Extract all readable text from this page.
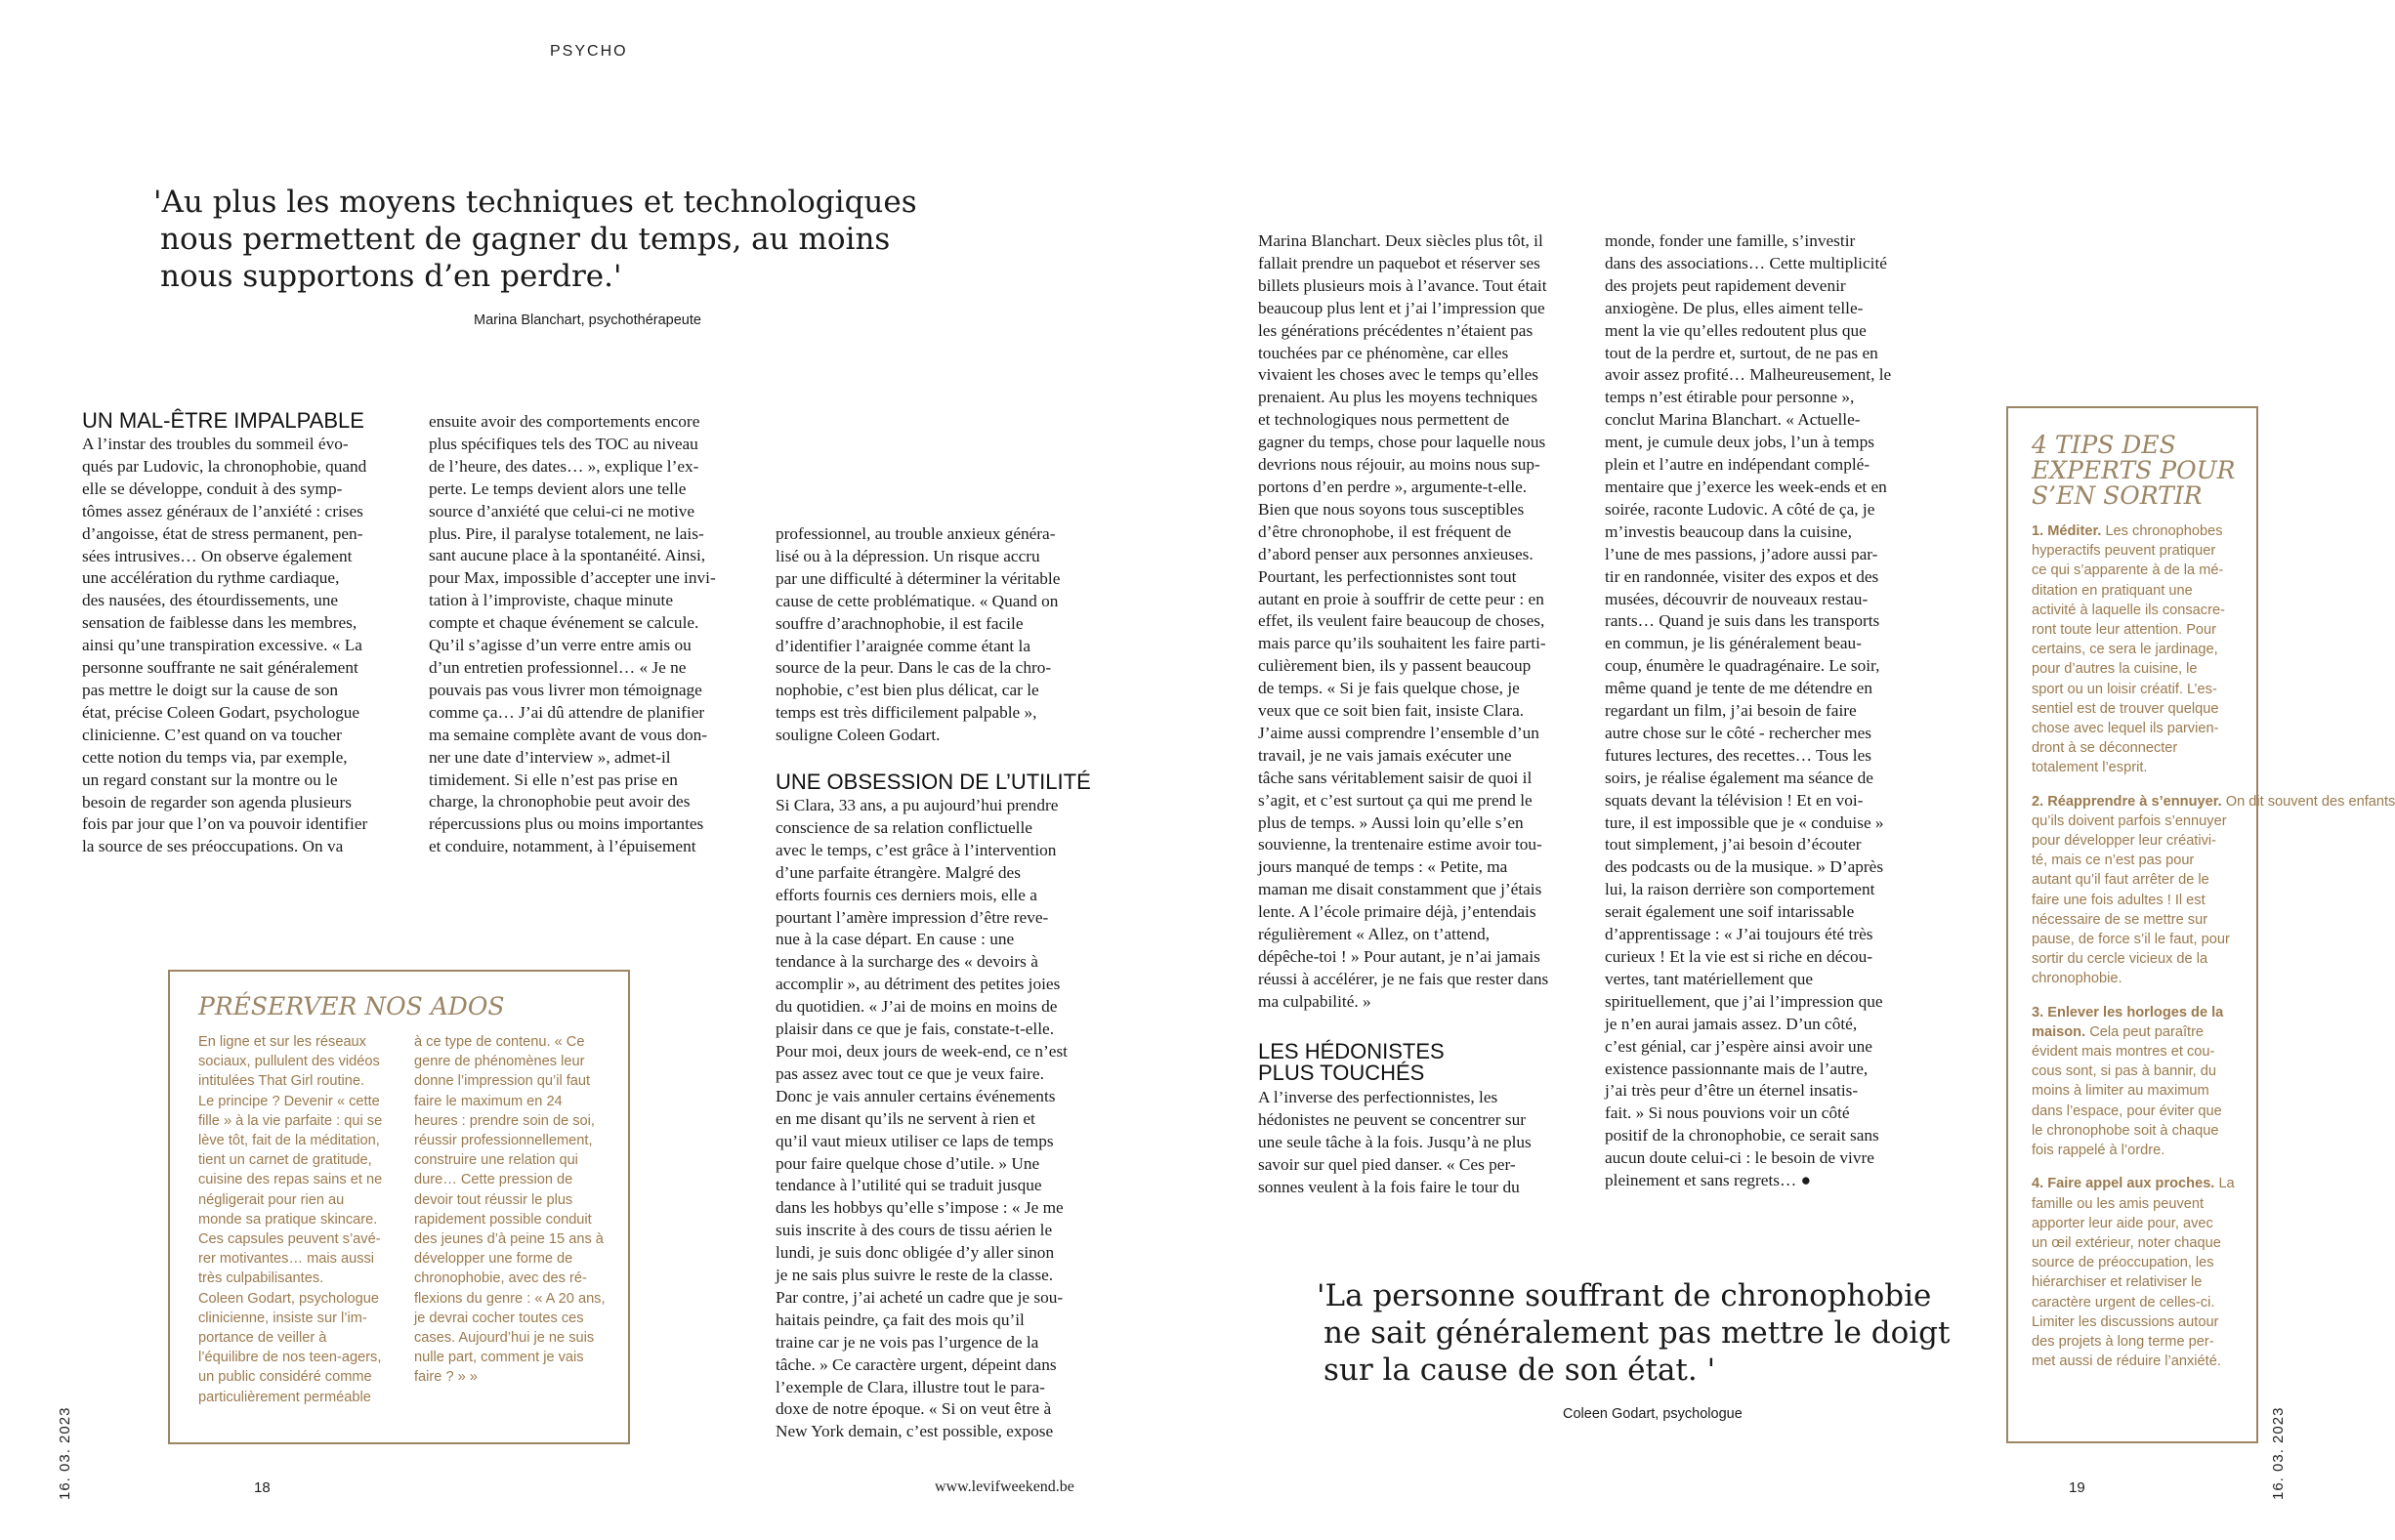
PSYCHO
'Au plus les moyens techniques et technologiques
nous permettent de gagner du temps, au moins
nous supportons d’en perdre.'
Marina Blanchart, psychothérapeute
UN MAL-ÊTRE IMPALPABLE
A l’instar des troubles du sommeil évo-
qués par Ludovic, la chronophobie, quand
elle se développe, conduit à des symp-
tômes assez généraux de l’anxiété : crises
d’angoisse, état de stress permanent, pen-
sées intrusives… On observe également
une accélération du rythme cardiaque,
des nausées, des étourdissements, une
sensation de faiblesse dans les membres,
ainsi qu’une transpiration excessive. « La
personne souffrante ne sait généralement
pas mettre le doigt sur la cause de son
état, précise Coleen Godart, psychologue
clinicienne. C’est quand on va toucher
cette notion du temps via, par exemple,
un regard constant sur la montre ou le
besoin de regarder son agenda plusieurs
fois par jour que l’on va pouvoir identifier
la source de ses préoccupations. On va
ensuite avoir des comportements encore
plus spécifiques tels des TOC au niveau
de l’heure, des dates… », explique l’ex-
perte. Le temps devient alors une telle
source d’anxiété que celui-ci ne motive
plus. Pire, il paralyse totalement, ne lais-
sant aucune place à la spontanéité. Ainsi,
pour Max, impossible d’accepter une invi-
tation à l’improviste, chaque minute
compte et chaque événement se calcule.
Qu’il s’agisse d’un verre entre amis ou
d’un entretien professionnel… « Je ne
pouvais pas vous livrer mon témoignage
comme ça… J’ai dû attendre de planifier
ma semaine complète avant de vous don-
ner une date d’interview », admet-il
timidement. Si elle n’est pas prise en
charge, la chronophobie peut avoir des
répercussions plus ou moins importantes
et conduire, notamment, à l’épuisement
professionnel, au trouble anxieux généra-
lisé ou à la dépression. Un risque accru
par une difficulté à déterminer la véritable
cause de cette problématique. « Quand on
souffre d’arachnophobie, il est facile
d’identifier l’araignée comme étant la
source de la peur. Dans le cas de la chro-
nophobie, c’est bien plus délicat, car le
temps est très difficilement palpable »,
souligne Coleen Godart.
UNE OBSESSION DE L’UTILITÉ
Si Clara, 33 ans, a pu aujourd’hui prendre
conscience de sa relation conflictuelle
avec le temps, c’est grâce à l’intervention
d’une parfaite étrangère. Malgré des
efforts fournis ces derniers mois, elle a
pourtant l’amère impression d’être reve-
nue à la case départ. En cause : une
tendance à la surcharge des « devoirs à
accomplir », au détriment des petites joies
du quotidien. « J’ai de moins en moins de
plaisir dans ce que je fais, constate-t-elle.
Pour moi, deux jours de week-end, ce n’est
pas assez avec tout ce que je veux faire.
Donc je vais annuler certains événements
en me disant qu’ils ne servent à rien et
qu’il vaut mieux utiliser ce laps de temps
pour faire quelque chose d’utile. » Une
tendance à l’utilité qui se traduit jusque
dans les hobbys qu’elle s’impose : « Je me
suis inscrite à des cours de tissu aérien le
lundi, je suis donc obligée d’y aller sinon
je ne sais plus suivre le reste de la classe.
Par contre, j’ai acheté un cadre que je sou-
haitais peindre, ça fait des mois qu’il
traine car je ne vois pas l’urgence de la
tâche. » Ce caractère urgent, dépeint dans
l’exemple de Clara, illustre tout le para-
doxe de notre époque. « Si on veut être à
New York demain, c’est possible, expose
Marina Blanchart. Deux siècles plus tôt, il
fallait prendre un paquebot et réserver ses
billets plusieurs mois à l’avance. Tout était
beaucoup plus lent et j’ai l’impression que
les générations précédentes n’étaient pas
touchées par ce phénomène, car elles
vivaient les choses avec le temps qu’elles
prenaient. Au plus les moyens techniques
et technologiques nous permettent de
gagner du temps, chose pour laquelle nous
devrions nous réjouir, au moins nous sup-
portons d’en perdre », argumente-t-elle.
Bien que nous soyons tous susceptibles
d’être chronophobe, il est fréquent de
d’abord penser aux personnes anxieuses.
Pourtant, les perfectionnistes sont tout
autant en proie à souffrir de cette peur : en
effet, ils veulent faire beaucoup de choses,
mais parce qu’ils souhaitent les faire parti-
culièrement bien, ils y passent beaucoup
de temps. « Si je fais quelque chose, je
veux que ce soit bien fait, insiste Clara.
J’aime aussi comprendre l’ensemble d’un
travail, je ne vais jamais exécuter une
tâche sans véritablement saisir de quoi il
s’agit, et c’est surtout ça qui me prend le
plus de temps. » Aussi loin qu’elle s’en
souvienne, la trentenaire estime avoir tou-
jours manqué de temps : « Petite, ma
maman me disait constamment que j’étais
lente. A l’école primaire déjà, j’entendais
régulièrement « Allez, on t’attend,
dépêche-toi ! » Pour autant, je n’ai jamais
réussi à accélérer, je ne fais que rester dans
ma culpabilité. »
LES HÉDONISTES
PLUS TOUCHÉS
A l’inverse des perfectionnistes, les
hédonistes ne peuvent se concentrer sur
une seule tâche à la fois. Jusqu’à ne plus
savoir sur quel pied danser. « Ces per-
sonnes veulent à la fois faire le tour du
monde, fonder une famille, s’investir
dans des associations… Cette multiplicité
des projets peut rapidement devenir
anxiogène. De plus, elles aiment telle-
ment la vie qu’elles redoutent plus que
tout de la perdre et, surtout, de ne pas en
avoir assez profité… Malheureusement, le
temps n’est étirable pour personne »,
conclut Marina Blanchart. « Actuelle-
ment, je cumule deux jobs, l’un à temps
plein et l’autre en indépendant complé-
mentaire que j’exerce les week-ends et en
soirée, raconte Ludovic. A côté de ça, je
m’investis beaucoup dans la cuisine,
l’une de mes passions, j’adore aussi par-
tir en randonnée, visiter des expos et des
musées, découvrir de nouveaux restau-
rants… Quand je suis dans les transports
en commun, je lis généralement beau-
coup, énumère le quadragénaire. Le soir,
même quand je tente de me détendre en
regardant un film, j’ai besoin de faire
autre chose sur le côté - rechercher mes
futures lectures, des recettes… Tous les
soirs, je réalise également ma séance de
squats devant la télévision ! Et en voi-
ture, il est impossible que je « conduise »
tout simplement, j’ai besoin d’écouter
des podcasts ou de la musique. » D’après
lui, la raison derrière son comportement
serait également une soif intarissable
d’apprentissage : « J’ai toujours été très
curieux ! Et la vie est si riche en décou-
vertes, tant matériellement que
spirituellement, que j’ai l’impression que
je n’en aurai jamais assez. D’un côté,
c’est génial, car j’espère ainsi avoir une
existence passionnante mais de l’autre,
j’ai très peur d’être un éternel insatis-
fait. » Si nous pouvions voir un côté
positif de la chronophobie, ce serait sans
aucun doute celui-ci : le besoin de vivre
pleinement et sans regrets… ●
PRÉSERVER NOS ADOS
En ligne et sur les réseaux
sociaux, pullulent des vidéos
intitulées That Girl routine.
Le principe ? Devenir « cette
fille » à la vie parfaite : qui se
lève tôt, fait de la méditation,
tient un carnet de gratitude,
cuisine des repas sains et ne
négligerait pour rien au
monde sa pratique skincare.
Ces capsules peuvent s’avé-
rer motivantes… mais aussi
très culpabilisantes.
Coleen Godart, psychologue
clinicienne, insiste sur l’im-
portance de veiller à
l’équilibre de nos teen-agers,
un public considéré comme
particulièrement perméable
à ce type de contenu. « Ce
genre de phénomènes leur
donne l’impression qu’il faut
faire le maximum en 24
heures : prendre soin de soi,
réussir professionnellement,
construire une relation qui
dure… Cette pression de
devoir tout réussir le plus
rapidement possible conduit
des jeunes d’à peine 15 ans à
développer une forme de
chronophobie, avec des ré-
flexions du genre : « A 20 ans,
je devrai cocher toutes ces
cases. Aujourd’hui je ne suis
nulle part, comment je vais
faire ? » »
'La personne souffrant de chronophobie
ne sait généralement pas mettre le doigt
sur la cause de son état. '
Coleen Godart, psychologue
4 TIPS DES
EXPERTS POUR
S’EN SORTIR
1. Méditer. Les chronophobes
hyperactifs peuvent pratiquer
ce qui s’apparente à de la mé-
ditation en pratiquant une
activité à laquelle ils consacre-
ront toute leur attention. Pour
certains, ce sera le jardinage,
pour d’autres la cuisine, le
sport ou un loisir créatif. L’es-
sentiel est de trouver quelque
chose avec lequel ils parvien-
dront à se déconnecter
totalement l’esprit.
2. Réapprendre à s’ennuyer. On dit souvent des enfants
qu’ils doivent parfois s’ennuyer
pour développer leur créativi-
té, mais ce n’est pas pour
autant qu’il faut arrêter de le
faire une fois adultes ! Il est
nécessaire de se mettre sur
pause, de force s’il le faut, pour
sortir du cercle vicieux de la
chronophobie.
3. Enlever les horloges de la
maison. Cela peut paraître
évident mais montres et cou-
cous sont, si pas à bannir, du
moins à limiter au maximum
dans l’espace, pour éviter que
le chronophobe soit à chaque
fois rappelé à l’ordre.
4. Faire appel aux proches. La
famille ou les amis peuvent
apporter leur aide pour, avec
un œil extérieur, noter chaque
source de préoccupation, les
hiérarchiser et relativiser le
caractère urgent de celles-ci.
Limiter les discussions autour
des projets à long terme per-
met aussi de réduire l’anxiété.
16. 03. 2023	18	www.levifweekend.be	19	16. 03. 2023
